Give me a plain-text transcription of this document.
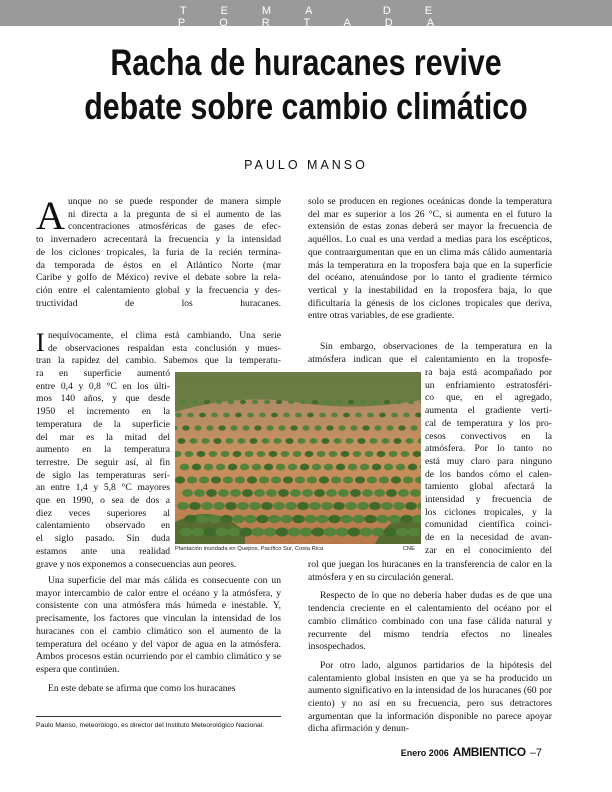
TEMA DE PORTADA
Racha de huracanes revive
debate sobre cambio climático
PAULO MANSO
A unque no se puede responder de manera simple
ni directa a la pregunta de si el aumento de las
concentraciones atmosféricas de gases de efec-
to invernadero acrecentará la frecuencia y la intensidad
de los ciclones tropicales, la furia de la recién termina-
da temporada de éstos en el Atlántico Norte (mar
Caribe y golfo de México) revive el debate sobre la rela-
ción entre el calentamiento global y la frecuencia y des-
tructividad de los huracanes.
I nequívocamente, el clima está cambiando. Una serie
de observaciones respaldan esta conclusión y mues-
tran la rapidez del cambio. Sabemos que la temperatu-
ra en superficie aumentó
entre 0,4 y 0,8 °C en los últi-
mos 140 años, y que desde
1950 el incremento en la
temperatura de la superficie
del mar es la mitad del
aumento en la temperatura
terrestre. De seguir así, al fin
de siglo las temperaturas serí-
an entre 1,4 y 5,8 °C mayores
que en 1990, o sea de dos a
diez veces superiores al
calentamiento observado en
el siglo pasado. Sin duda
estamos ante una realidad

grave y nos exponemos a consecuencias aun peores.

Una superficie del mar más cálida es consecuente con un mayor intercambio de calor entre el océano y la atmósfera, y consistente con una atmósfera más húmeda e inestable. Y, precisamente, los factores que vinculan la intensidad de los huracanes con el cambio climático son el aumento de la temperatura del océano y del vapor de agua en la atmósfera. Ambos procesos están ocurriendo por el cambio climático y se espera que continúen.

En este debate se afirma que como los huracanes

solo se producen en regiones oceánicas donde la temperatura del mar es superior a los 26 °C, si aumenta en el futuro la extensión de estas zonas deberá ser mayor la frecuencia de aquéllos. Lo cual es una verdad a medias para los escépticos, que contraargumentan que en un clima más cálido aumentaría más la temperatura en la troposfera baja que en la superficie del océano, atenuándose por lo tanto el gradiente térmico vertical y la inestabilidad en la troposfera baja, lo que dificultaría la génesis de los ciclones tropicales que deriva, entre otras variables, de ese gradiente.

Sin embargo, observaciones de la temperatura en la
atmósfera indican que el calentamiento en la troposfe-
ra baja está acompañado por
un enfriamiento estratosféri-
co que, en el agregado,
aumenta el gradiente verti-
cal de temperatura y los pro-
cesos convectivos en la
atmósfera. Por lo tanto no
está muy claro para ninguno
de los bandos cómo el calen-
tamiento global afectará la
intensidad y frecuencia de
los ciclones tropicales, y la
comunidad científica coinci-
de en la necesidad de avan-
zar en el conocimiento del

rol que juegan los huracanes en la transferencia de calor en la atmósfera y en su circulación general.

Respecto de lo que no debería haber dudas es de que una tendencia creciente en el calentamiento del océano por el cambio climático combinado con una fase cálida natural y recurrente del mismo tendría efectos no lineales insospechados.

Por otro lado, algunos partidarios de la hipótesis del calentamiento global insisten en que ya se ha producido un aumento significativo en la intensidad de los huracanes (60 por ciento) y no así en su frecuencia, pero sus detractores argumentan que la información disponible no parece apoyar dicha afirmación y denun-

Plantación inundada en Quepos, Pacífico Sur, Costa Rica	CNE
Paulo Manso, meteorólogo, es director del Instituto Meteorológico Nacional.
Enero 2006 AMBIENTICO –7
